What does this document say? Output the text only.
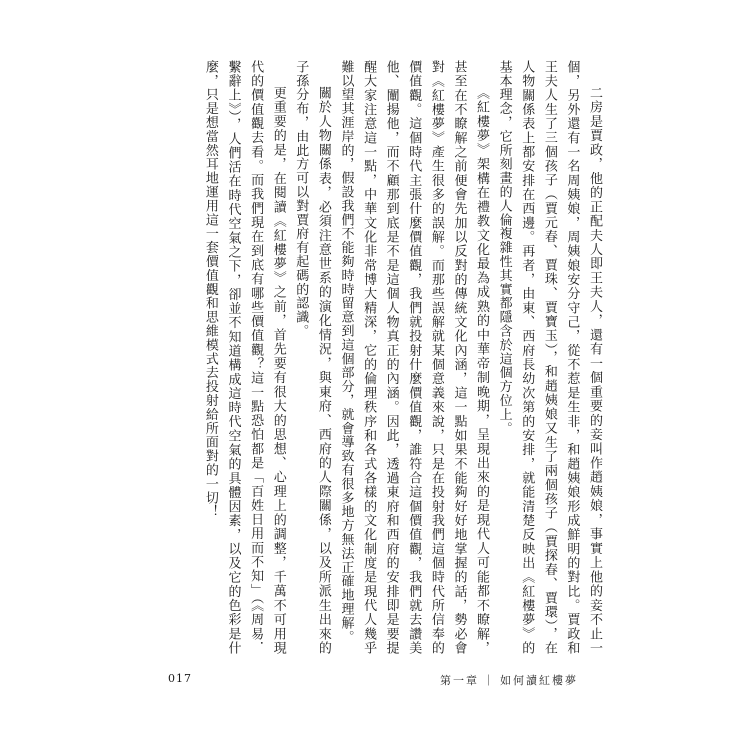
二房是賈政，他的正配夫人即王夫人，還有一個重要的妾叫作趙姨娘，事實上他的妾不止一個，另外還有一名周姨娘，周姨娘安分守己，從不惹是生非，和趙姨娘形成鮮明的對比。賈政和王夫人生了三個孩子（賈元春、賈珠、賈寶玉），和趙姨娘又生了兩個孩子（賈探春、賈環），在人物關係表上都安排在西邊。再者，由東、西府長幼次第的安排，就能清楚反映出《紅樓夢》的基本理念，它所刻畫的人倫複雜性其實都隱含於這個方位上。

《紅樓夢》架構在禮教文化最為成熟的中華帝制晚期，呈現出來的是現代人可能都不瞭解，甚至在不瞭解之前便會先加以反對的傳統文化內涵，這一點如果不能夠好好地掌握的話，勢必會對《紅樓夢》產生很多的誤解。而那些誤解就某個意義來說，只是在投射我們這個時代所信奉的價值觀。這個時代主張什麼價值觀，我們就投射什麼價值觀，誰符合這個價值觀，我們就去讚美他、闡揚他，而不顧那到底是不是這個人物真正的內涵。因此，透過東府和西府的安排即是要提醒大家注意這一點，中華文化非常博大精深，它的倫理秩序和各式各樣的文化制度是現代人幾乎難以望其涯岸的，假設我們不能夠時時留意到這個部分，就會導致有很多地方無法正確地理解。

關於人物關係表，必須注意世系的演化情況，與東府、西府的人際關係，以及所派生出來的子孫分布，由此方可以對賈府有起碼的認識。

更重要的是，在閱讀《紅樓夢》之前，首先要有很大的思想、心理上的調整，千萬不可用現代的價值觀去看。而我們現在到底有哪些價值觀？這一點恐怕都是「百姓日用而不知」（《周易．繫辭上》），人們活在時代空氣之下，卻並不知道構成這時代空氣的具體因素，以及它的色彩是什麼，只是想當然耳地運用這一套價值觀和思維模式去投射給所面對的一切！

017	第一章 ｜ 如何讀紅樓夢
